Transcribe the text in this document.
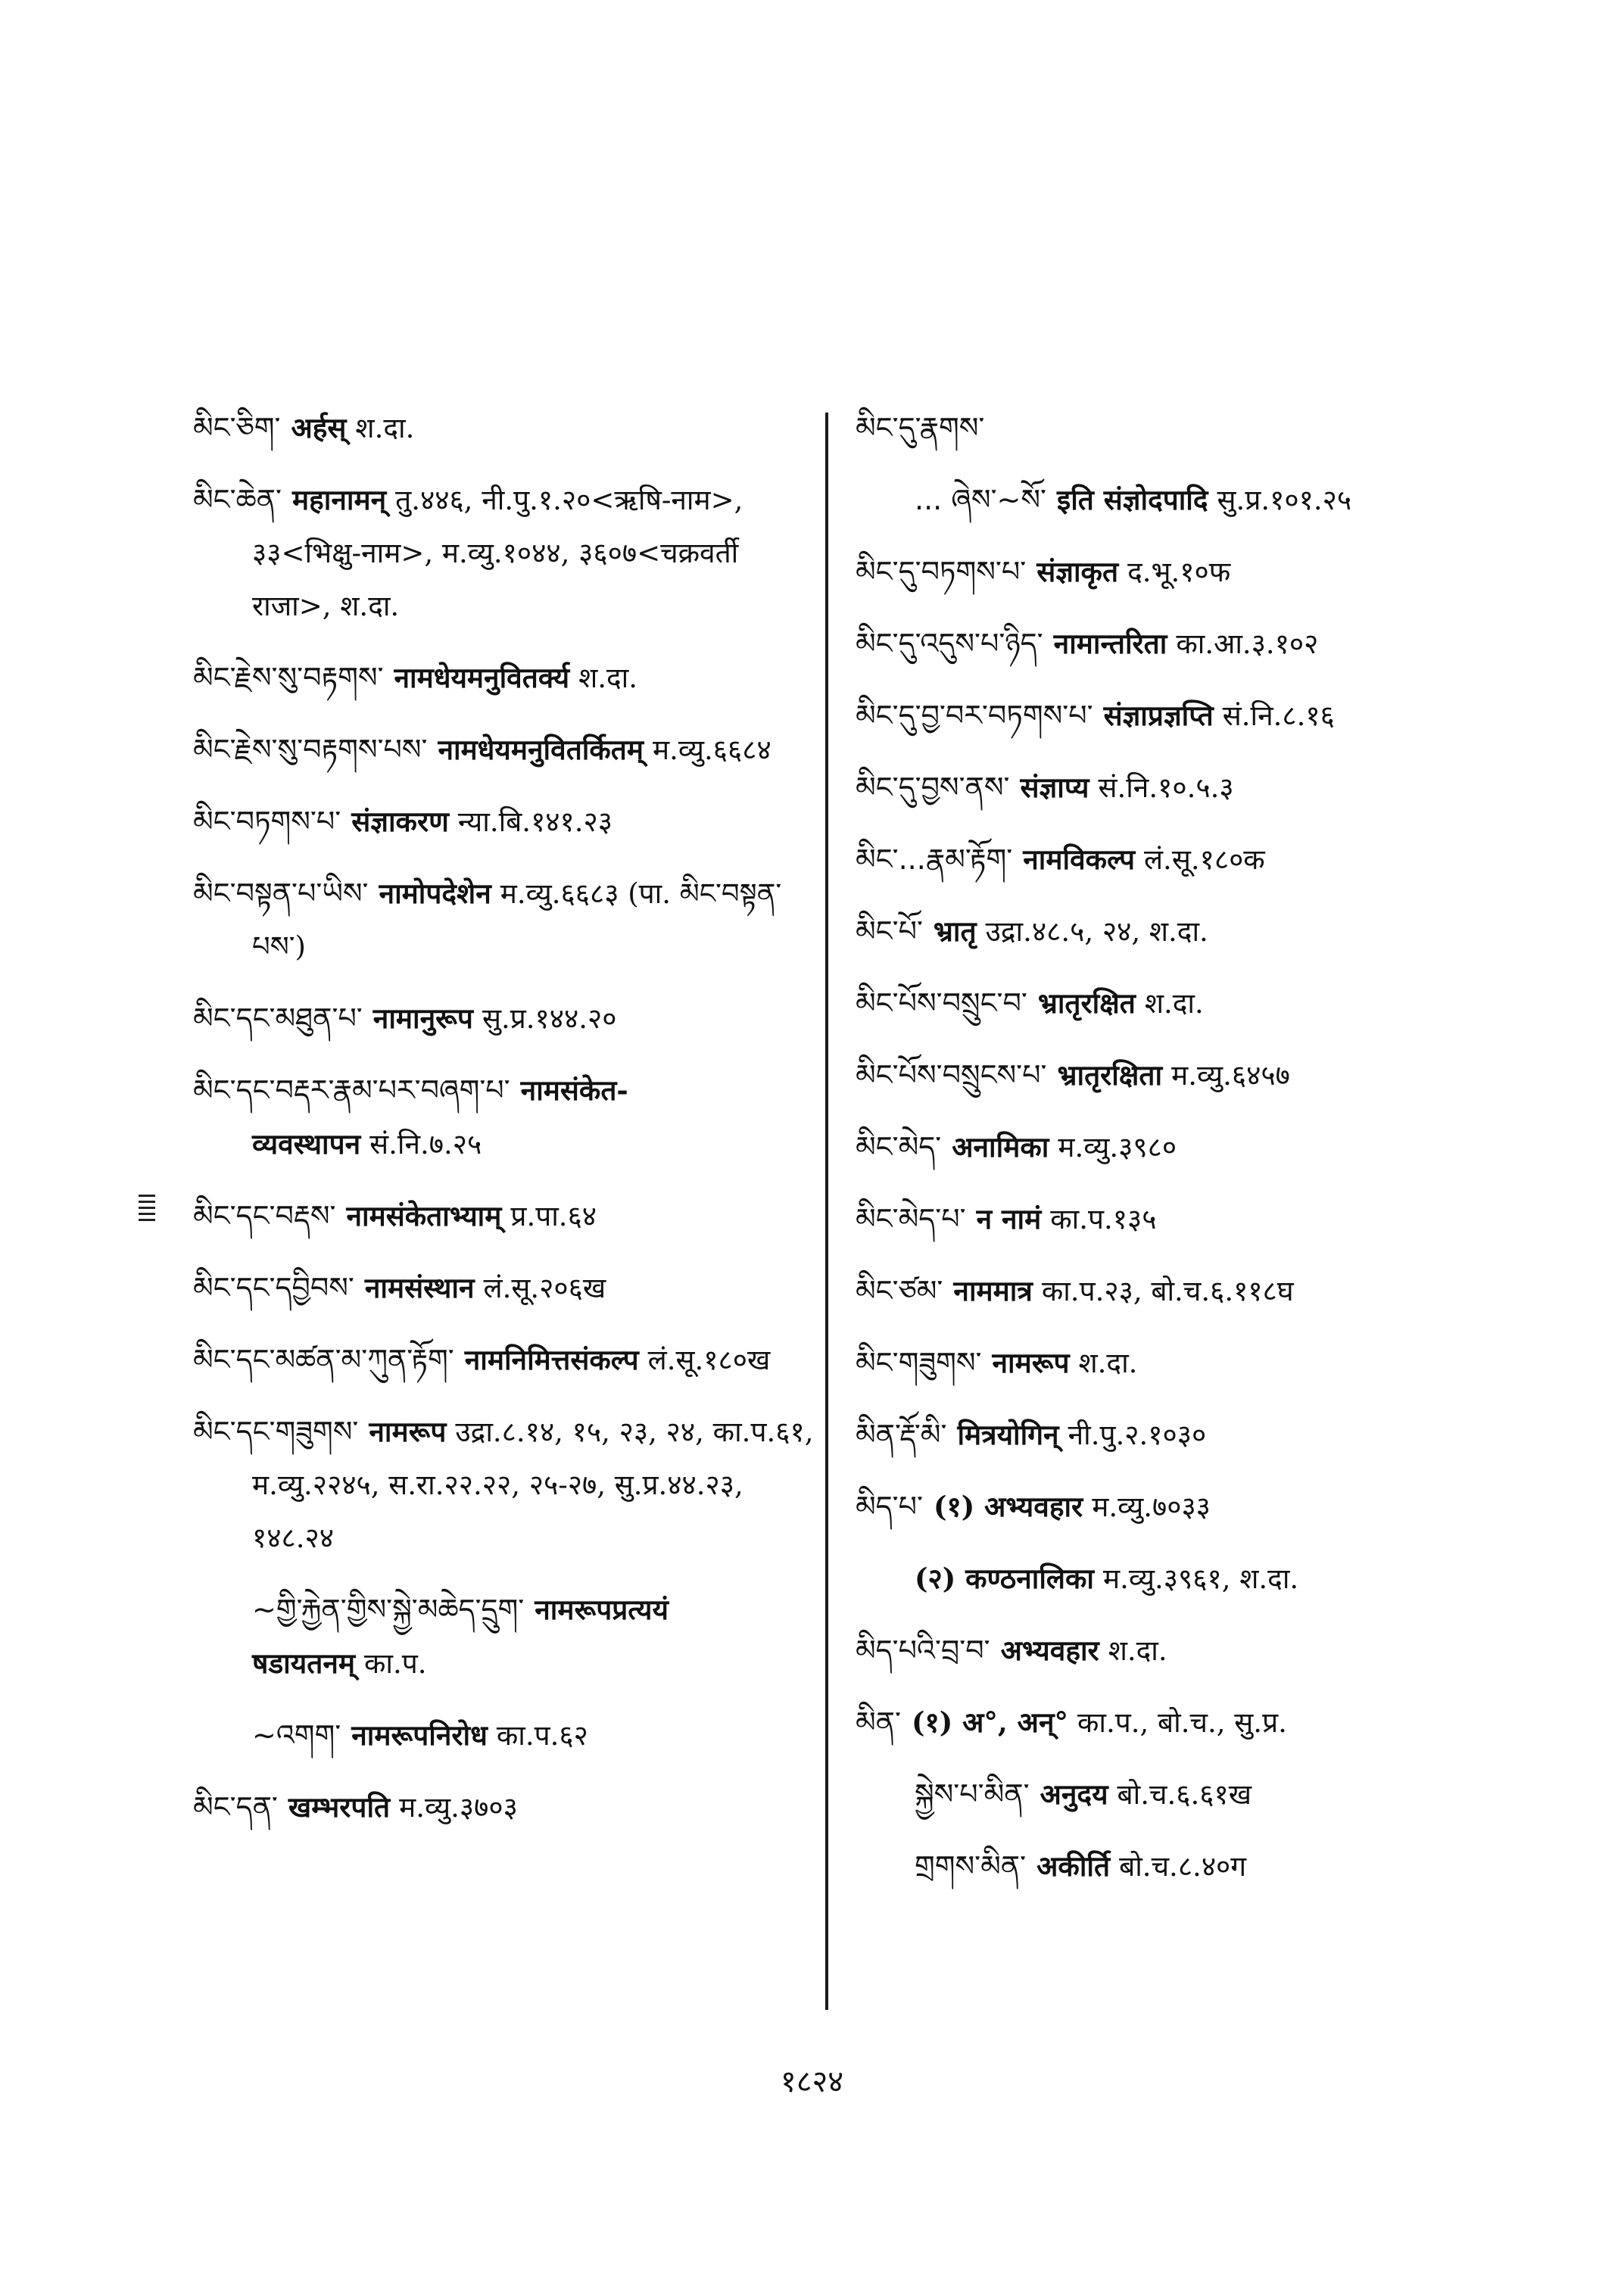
མིང་ཅིག་ अर्हस् श.दा.
མིང་ཆེན་ महानामन् तु.४४६, नी.पु.१.२०<ऋषि-नाम>, ३३<भिक्षु-नाम>, म.व्यु.१०४४, ३६०७<चक्रवर्ती राजा>, श.दा.
མིང་རྗེས་སུ་བརྟགས་ नामधेयमनुवितर्क्य श.दा.
མིང་རྗེས་སུ་བརྟགས་པས་ नामधेयमनुवितर्कितम् म.व्यु.६६८४
མིང་བཏགས་པ་ संज्ञाकरण न्या.बि.१४१.२३
མིང་བསྟན་པ་ཡིས་ नामोपदेशेन म.व्यु.६६८३ (पा. མིང་བསྟན་པས་)
མིང་དང་མཐུན་པ་ नामानुरूप सु.प्र.१४४.२०
མིང་དང་བརྡར་རྣམ་པར་བཞག་པ་ नामसंकेत-व्यवस्थापन सं.नि.७.२५
མིང་དང་བརྡས་ नामसंकेताभ्याम् प्र.पा.६४
མིང་དང་དབྱིབས་ नामसंस्थान लं.सू.२०६ख
མིང་དང་མཚན་མ་ཀུན་རྟོག་ नामनिमित्तसंकल्प लं.सू.१८०ख
མིང་དང་གཟུགས་ नामरूप उद्रा.८.१४, १५, २३, २४, का.प.६१, म.व्यु.२२४५, स.रा.२२.२२, २५-२७, सु.प्र.४४.२३, १४८.२४
~གྱི་རྐྱེན་གྱིས་སྐྱེ་མཆེད་དྲུག་ नामरूपप्रत्ययं षडायतनम् का.प.
~འགག་ नामरूपनिरोध का.प.६२
མིང་དན་ खम्भरपति म.व्यु.३७०३
མིང་དུ་རྣགས་
... ཞེས་~སོ་ इति संज्ञोदपादि सु.प्र.१०१.२५
མིང་དུ་བཏགས་པ་ संज्ञाकृत द.भू.१०फ
མིང་དུ་འདུས་པ་ཉིད་ नामान्तरिता का.आ.३.१०२
མིང་དུ་བྱ་བར་བཏགས་པ་ संज्ञाप्रज्ञप्ति सं.नि.८.१६
མིང་དུ་བྱས་ནས་ संज्ञाप्य सं.नि.१०.५.३
མིང་...རྣམ་རྟོག་ नामविकल्प लं.सू.१८०क
མིང་པོ་ भ्रातृ उद्रा.४८.५, २४, श.दा.
མིང་པོས་བསྲུང་བ་ भ्रातृरक्षित श.दा.
མིང་པོས་བསྲུངས་པ་ भ्रातृरक्षिता म.व्यु.६४५७
མིང་མེད་ अनामिका म.व्यु.३९८०
མིང་མེད་པ་ न नामं का.प.१३५
མིང་ཙམ་ नाममात्र का.प.२३, बो.च.६.११८घ
མིང་གཟུགས་ नामरूप श.दा.
མིན་རྡོ་མི་ मित्रयोगिन् नी.पु.२.१०३०
མིད་པ་ (१) अभ्यवहार म.व्यु.७०३३
(२) कण्ठनालिका म.व्यु.३९६१, श.दा.
མིད་པའི་བྲ་བ་ अभ्यवहार श.दा.
མིན་ (१) अ°, अन्° का.प., बो.च., सु.प्र.
སྐྱེས་པ་མིན་ अनुदय बो.च.६.६१ख
གྲགས་མིན་ अकीर्ति बो.च.८.४०ग
१८२४
